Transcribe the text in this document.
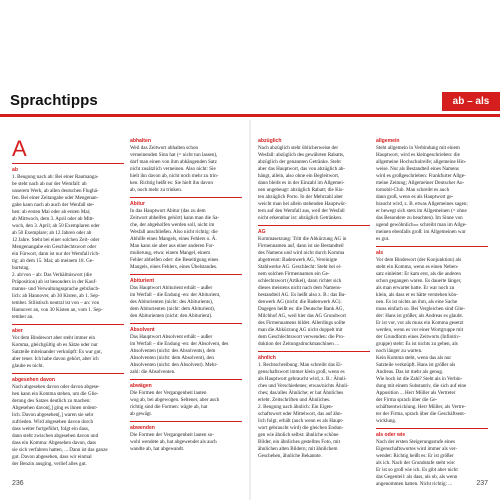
Sprachtipps	ab – als
A
ab
1. Beugung nach ab: Bei einer Raumanga-
be steht nach ab nur der Wemfall: ab
unserem Werk, ab allen deutschen Flughä-
fen. Bei einer Zeitangabe oder Mengenan-
gabe kann nach ab auch der Wenfall ste-
hen: ab ersten Mai oder ab ersten Mai;
ab Mittwoch, dem 3. April oder ab Mitt-
woch, den 3. April; ab 50 Exemplaren oder
ab 50 Exemplare; ab 12 Jahren oder ab
12 Jahre. Steht bei einer solchen Zeit- oder
Mengenangabe ein Geschlechtswort oder
ein Fürwort, dann ist nur der Wemfall rich-
tig: ab dem 15. Mai; ab meinem 18. Ge-
burtstag.
2. ab/von – ab: Das Verhältniswort (die
Präposition) ab ist besonders in der Kauf-
manns- und Verwaltungssprache gebräuch-
lich: ab Hannover, ab 30 Kisten, ab 1. Sep-
tember. Stilistisch neutral ist von – an: von
Hannover an, von 30 Kisten an, vom 1. Sep-
tember an.
aber
Vor dem Bindewort aber steht immer ein
Komma, gleichgültig ob es Sätze oder nur
Satzteile miteinander verknüpft: Es war gut,
aber teuer. Ich habe davon gehört, aber ich
glaube es nicht.
abgesehen davon
Nach abgesehen davon oder davon abgese-
hen kann ein Komma stehen, um die Glie-
derung des Satzes deutlich zu machen:
Abgesehen davon[,] ging es ihnen ordent-
lich. Davon abgesehen[,] waren sie sehr
zufrieden. Wird abgesehen davon durch
dass weiter fortgeführt, folgt ein dass,
dann steht zwischen abgesehen davon und
dass ein Komma: Abgesehen davon, dass
sie sich verfahren hatten, ... Dann ist das ganze
gut. Davon abgesehen, dass wir einmal
der Benzin ausging, verlief alles gut.
abhalten
Weil das Zeitwort abhalten schon
verneinenden Sinn hat (= nicht tun lassen),
darf man einen von ihm abhängenden Satz
nicht zusätzlich verneinen. Also nicht: Sie
hielt ihn davon ab, nicht noch mehr zu trin-
ken. Richtig heißt es: Sie hielt ihn davon
ab, noch mehr zu trinken.
Abitur
In das Hauptwort Abitur (das zu dem
Zeitwort abhelfen gehört) kann man die Sa-
che, der abgeholfen werden soll, nicht im
Wesfall anschließen. Also nicht richtig: die
Abhilfe eines Mangels, eines Fehlers o. Ä.
Man kann sie aber aus einer anderen For-
mulierung, etwa: einem Mangel, einem
Fehler abhelfen oder: die Beseitigung eines
Mangels, eines Fehlers, eines Übelstandes.
Abiturient
Das Hauptwort Abiturient erhält – außer
im Werfall – die Endung -en: der Abiturient,
des Abiturienten (nicht: des Abiturients),
dem Abiturienten (nicht: dem Abiturient),
den Abiturienten (nicht: den Abiturient).
Absolvent
Das Hauptwort Absolvent erhält – außer
im Werfall – die Endung -en: der Absolvent, des
Absolventen (nicht: des Absolvents), dem
Absolventen (nicht: dem Absolvent), den
Absolventen (nicht: den Absolvent). Mehr-
zahl: die Absolventen.
abwägen
Die Formen der Vergangenheit lauten
wog ab, bei abgewogen. Seltener, aber auch
richtig sind die Formen: wägte ab, hat
ab gewägt.
abwenden
Die Formen der Vergangenheit lauten so-
wohl wendete ab, hat abgewendet als auch
wandte ab, hat abgewandt.
abzüglich
Nach abzüglich steht üblicherweise der
Wesfall: abzüglich des gewährten Rabatts,
abzüglich der genannten Getränke. Steht
aber das Hauptwort, das von abzüglich ab-
hängt, allein, also ohne ein Begleitwort,
dann bleibt es in der Einzahl im Allgemei-
nen ungebeugt: abzüglich Rabatt; die Kis-
ten abzüglich Porto. In der Mehrzahl aber
weicht man bei allein stehenden Hauptwör-
tern auf den Wemfall aus, weil der Wesfall
nicht erkennbar ist: abzüglich Getränken.
AG
Kommasetzung: Tritt die Abkürzung AG in
Firmennamen auf, dann ist sie Bestandteil
des Namens und wird nicht durch Komma
abgetrennt: Badenwerk AG, Vereinigte
Stahlwerke AG. Geschlecht: Steht bei ei-
nem solchen Firmennamen ein Ge-
schlechtswort (Artikel), dann richtet sich
dieses meistens nicht nach dem Namens-
bestandteil AG. Es heißt also z. B.: das Ba-
denwerk AG (nicht: die Badenwerk AG).
Dagegen heißt es: die Deutsche Bank AG,
Milchhof AG, weil hier das AG Grundwort
des Firmennamens bildet. Allerdings sollte
man die Abkürzung AG nicht doppelt mit
dem Geschlechtswort verwenden: die Pro-
duktion der Zeitungsdruckmaschinen ...
ähnlich
1. Rechtschreibung: Man schreibt das Ei-
genschaftswort immer klein groß, wenn es
als Hauptwort gebraucht wird, z. B.: Ähnli-
ches und Verschiedenes; etwas/nichts Ähnli-
ches; das/alles Ähnliche; er hat Ähnliches
erlebt. Zeitschriften und Ähnliches.
2. Beugung nach ähnlich: Ein Eigen-
schaftswort oder Mittelwort, das auf ähn-
lich folgt, erhält (auch wenn es als Haupt-
wort gebraucht wird) die gleichen Endun-
gen wie ähnlich selbst: ähnliche schöne
Bilder, ein ähnliches gestelltes Foto, mit
ähnlichen alten Bildern; mit ähnlichem
Geschehen, ähnliche Bekannte.
allgemein
Steht allgemein in Verbindung mit einem
Hauptwort, wird es kleingeschrieben: die
allgemeine Hochschulreife; allgemeine Hin-
weise. Nur als Bestandteil eines Namens
wird es großgeschrieben: Frankfurter Allge-
meine Zeitung; Allgemeiner Deutscher Au-
tomobil-Club. Man schreibt es auch
dann groß, wenn es als Hauptwort ge-
braucht wird, z. B. etwas Allgemeines sagen;
er bewegt sich stets im Allgemeinen (= ohne
das Besondere zu beachten). Im Sinne von
ugend gewöhnlich«« schreibt man im Allge-
meinen ebenfalls groß: im Allgemeinen war
es gut.
als
Vor dem Bindewort (der Konjunktion) als
steht ein Komma, wenn es einen Neben-
satz einleitet: Er kam erst, als die anderen
schon gegangen waren. Es dauerte länger,
als man erwartet hatte. Er war noch zu
klein, als dass er es hätte verstehen kön-
nen. Es ist nichts an ihm, als eine Sache
muss einfach so. Bei Vergleichen sind Glie-
der: Hans ist größer, als Andreas es glaubt.
Er ist vor, vor als muss ein Komma gesetzt
werden, wenn es vor einer Wortgruppe mit
der Grundform eines Zeitworts (Infinitiv-
gruppe) steht: Es ist nichts zu gehen, als
noch länger zu warten.
Kein Komma steht, wenn das als nur
Satzteile verknüpft. Hans ist größer als
Andreas. Das ist mehr als genug.
Wie hoch ist die Zahl? Steht als in Verbin-
dung mit einem Substantiv, die sich auf eine
Apposition ... Herr Müller als Vertreter
der Firma sprach über die Ge-
schäftsentwicklung. Herr Müller, als Vertre-
ter der Firma, sprach über die Geschäftsent-
wicklung.
als oder wie
Nach der ersten Steigerungsstufe eines
Eigenschaftswortes wird immer als ver-
wendet: Richtig heißt es: Er ist größer
als ich. Nach der Grundstufe steht wie:
Er ist so groß wie ich. Es gibt aber nicht
das Gegenteil: als dass, als ob, als wenn
angenommen hatten. Nicht richtig: ...
236	237
